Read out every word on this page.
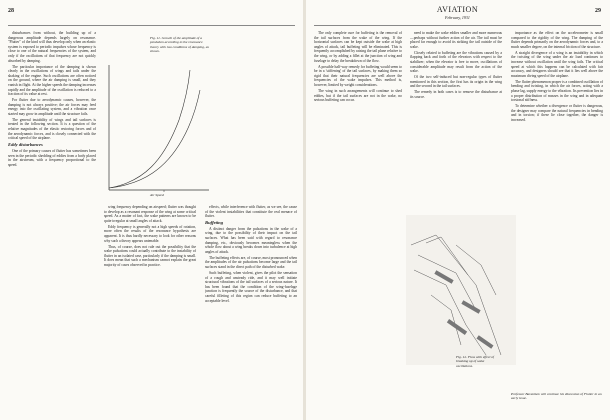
28

disturbances from without, the building up of a dangerous amplitude depends largely on resonance. "Flutter" of the kind will thus develop only when an elastic system is exposed to periodic impulses whose frequency is close to one of the natural frequencies of the system, and only if the oscillations of that frequency are not quickly absorbed by damping.

The particular importance of the damping is shown clearly in the oscillations of wings and tails under the shaking of the engine. Such oscillations are often noticed on the ground, where the air damping is small, and they vanish in flight. At the higher speeds the damping increases rapidly and the amplitude of the oscillation is reduced to a fraction of its value at rest.

For flutter due to aerodynamic causes, however, the damping is not always positive; the air forces may feed energy into the oscillating system, and a vibration once started may grow in amplitude until the structure fails.

The general instability of wings and tail surfaces is treated in the following section. It is a question of the relative magnitudes of the elastic restoring forces and of the aerodynamic forces, and is closely connected with the critical speed of the airplane.

Eddy disturbances

One of the primary causes of flutter has sometimes been seen in the periodic shedding of eddies from a body placed in the airstream, with a frequency proportional to the speed.

Air Speed
Fig. 11. Growth of the amplitude of a pendulum according to the resonance theory with two conditions of damping, as shown.

wing frequency depending on airspeed; flutter was thought to develop as a resonant response of the wing at some critical speed. As a matter of fact, the wake patterns are known to be quite irregular at small angles of attack.

Eddy frequency is generally not a high speeds of rotation, more often the results of the resonance hypothesis are apparent. It is thus hardly necessary to look for other reasons why such a theory appears untenable.

Thus, of course, does not rule out the possibility that the wake pulsations could actually contribute to the instability of flutter in an isolated case, particularly if the damping is small. It does mean that such a mechanism cannot explain the great majority of cases observed in practice.

effects, while interference with flutter, as we see, the cause of the violent instabilities that constitute the real menace of flutter.

Buffeting

A distinct danger from the pulsations in the wake of a wing, due to the possibility of their impact on the tail surfaces. What has been said with regard to resonance damping, etc., obviously becomes meaningless when the whole flow about a wing breaks down into turbulence at high angles of attack.

The buffeting effects are, of course, most pronounced when the amplitudes of the air pulsations become large and the tail surfaces stand in the direct path of the disturbed wake.

Such buffeting, when violent, gives the pilot the sensation of a rough and unsteady ride, and it may well initiate structural vibrations of the tail surfaces of a serious nature. It has been found that the condition of the wing-fuselage junction is frequently the source of the disturbance, and that careful filleting of this region can reduce buffeting to an acceptable level.

AVIATION
February, 1931
29

The only complete cure for buffeting is the removal of the tail surfaces from the wake of the wing. If the horizontal surfaces can be kept outside the wake at high angles of attack, tail buffeting will be eliminated. This is frequently accomplished by raising the tail plane relative to the wing, or by adding a fillet at the junction of wing and fuselage to delay the breakdown of the flow.

A possible half-way remedy for buffeting would seem to be in a 'stiffening' of the tail surfaces, by making them so rigid that their natural frequencies are well above the frequencies of the wake impulses. This method is, however, limited by weight considerations.

The wing in such arrangements will continue to shed eddies, but if the tail surfaces are not in the wake, no serious buffeting can occur.

need to make the wake eddies smaller and more numerous—perhaps without further action of the air. The tail must be placed far enough to avoid its striking the tail outside of the wake.

Closely related to buffeting are the vibrations caused by a flapping back and forth of the elevators with respect to the stabilizer; when the elevator is free to move, oscillations of considerable amplitude may result from the action of the wake.

Of the two self-induced but non-regular types of flutter mentioned in this section, the first has its origin in the wing and the second in the tail surfaces.

The remedy in both cases is to remove the disturbance at its source.

Fig. 12. Flow with effect of breaking up of wake oscillations.

importance as the effect on the accelerometer is small compared to the rigidity of the wing. The damping of the flutter depends primarily on the aerodynamic forces and, to a much smaller degree, on the internal friction of the structure.

A straight divergence of a wing is an instability in which the twisting of the wing under the air load continues to increase without oscillation until the wing fails. The critical speed at which this happens can be calculated with fair accuracy, and designers should see that it lies well above the maximum diving speed of the airplane.

The flutter phenomenon proper is a combined oscillation of bending and twisting, in which the air forces, acting with a phase lag, supply energy to the vibration. Its prevention lies in a proper distribution of masses in the wing and in adequate torsional stiffness.

To determine whether a divergence or flutter is dangerous, the designer may compare the natural frequencies in bending and in torsion; if these lie close together, the danger is increased.

Professor Baranikov will continue his discussion of Flutter in an early issue.
